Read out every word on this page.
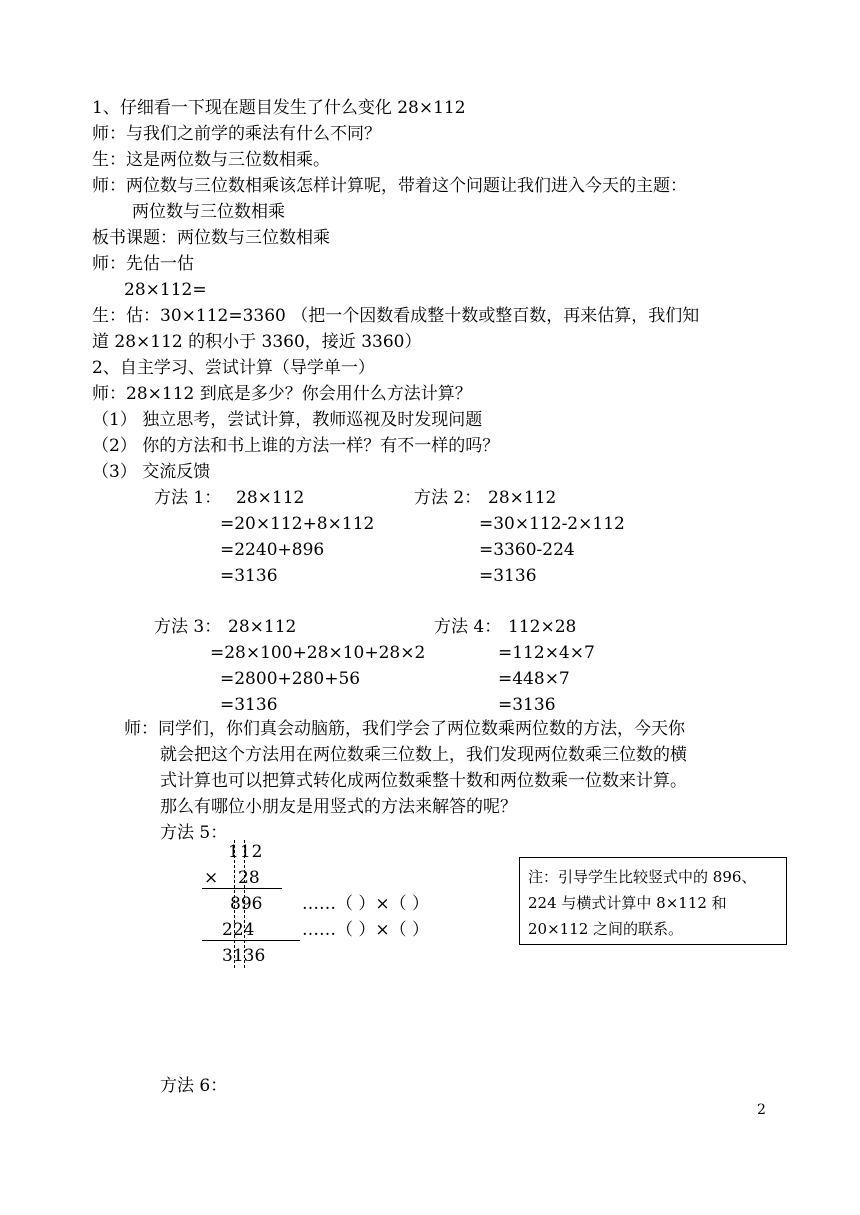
1、仔细看一下现在题目发生了什么变化 28×112
师：与我们之前学的乘法有什么不同？
生：这是两位数与三位数相乘。
师：两位数与三位数相乘该怎样计算呢，带着这个问题让我们进入今天的主题：
两位数与三位数相乘
板书课题：两位数与三位数相乘
师：先估一估
28×112=
生：估：30×112=3360 （把一个因数看成整十数或整百数，再来估算，我们知
道 28×112 的积小于 3360，接近 3360）
2、自主学习、尝试计算（导学单一）
师：28×112 到底是多少？你会用什么方法计算？
（1） 独立思考，尝试计算，教师巡视及时发现问题
（2） 你的方法和书上谁的方法一样？有不一样的吗？
（3） 交流反馈
方法 1： 28×112
=20×112+8×112
=2240+896
=3136
方法 2： 28×112
=30×112-2×112
=3360-224
=3136
方法 3： 28×112
=28×100+28×10+28×2
=2800+280+56
=3136
方法 4： 112×28
=112×4×7
=448×7
=3136
师：同学们，你们真会动脑筋，我们学会了两位数乘两位数的方法，今天你
就会把这个方法用在两位数乘三位数上，我们发现两位数乘三位数的横
式计算也可以把算式转化成两位数乘整十数和两位数乘一位数来计算。
那么有哪位小朋友是用竖式的方法来解答的呢？
方法 5：
112
× 28
896
224
3136
……（ ）×（ ）
……（ ）×（ ）
注：引导学生比较竖式中的 896、224 与横式计算中 8×112 和 20×112 之间的联系。
方法 6：
2
